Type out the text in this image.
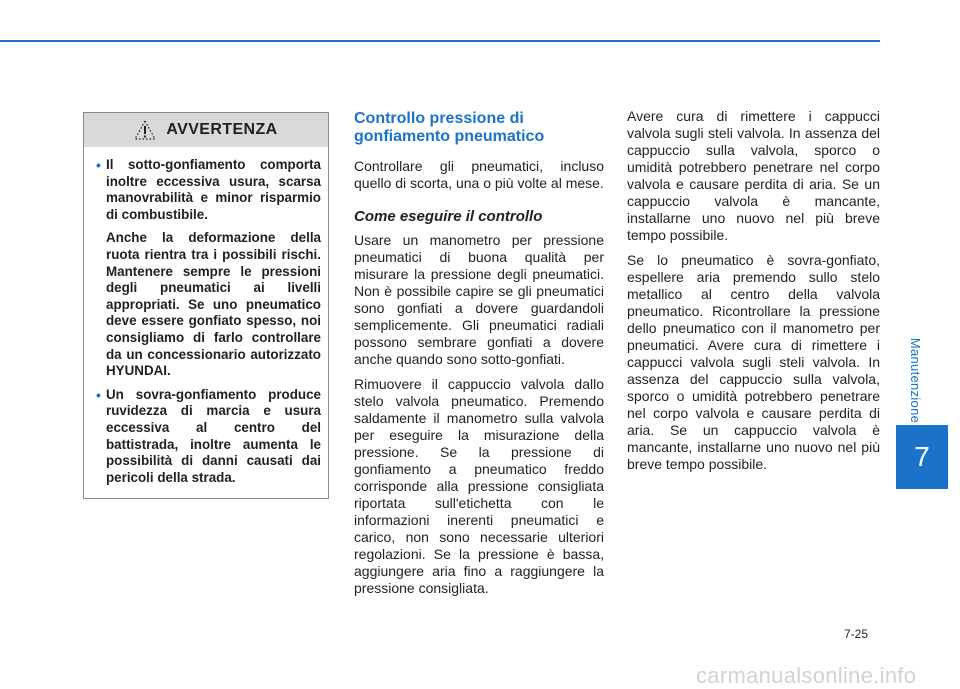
Manutenzione
7
AVVERTENZA
• Il sotto-gonfiamento comporta inoltre eccessiva usura, scarsa manovrabilità e minor risparmio di combustibile.
Anche la deformazione della ruota rientra tra i possibili rischi. Mantenere sempre le pressioni degli pneumatici ai livelli appropriati. Se uno pneumatico deve essere gonfiato spesso, noi consigliamo di farlo controllare da un concessionario autorizzato HYUNDAI.
• Un sovra-gonfiamento produce ruvidezza di marcia e usura eccessiva al centro del battistrada, inoltre aumenta le possibilità di danni causati dai pericoli della strada.
Controllo pressione di gonfiamento pneumatico

Controllare gli pneumatici, incluso quello di scorta, una o più volte al mese.

Come eseguire il controllo

Usare un manometro per pressione pneumatici di buona qualità per misurare la pressione degli pneumatici. Non è possibile capire se gli pneumatici sono gonfiati a dovere guardandoli semplicemente. Gli pneumatici radiali possono sembrare gonfiati a dovere anche quando sono sotto-gonfiati.

Rimuovere il cappuccio valvola dallo stelo valvola pneumatico. Premendo saldamente il manometro sulla valvola per eseguire la misurazione della pressione. Se la pressione di gonfiamento a pneumatico freddo corrisponde alla pressione consigliata riportata sull'etichetta con le informazioni inerenti pneumatici e carico, non sono necessarie ulteriori regolazioni. Se la pressione è bassa, aggiungere aria fino a raggiungere la pressione consigliata.

Avere cura di rimettere i cappucci valvola sugli steli valvola. In assenza del cappuccio sulla valvola, sporco o umidità potrebbero penetrare nel corpo valvola e causare perdita di aria. Se un cappuccio valvola è mancante, installarne uno nuovo nel più breve tempo possibile.

Se lo pneumatico è sovra-gonfiato, espellere aria premendo sullo stelo metallico al centro della valvola pneumatico. Ricontrollare la pressione dello pneumatico con il manometro per pneumatici. Avere cura di rimettere i cappucci valvola sugli steli valvola. In assenza del cappuccio sulla valvola, sporco o umidità potrebbero penetrare nel corpo valvola e causare perdita di aria. Se un cappuccio valvola è mancante, installarne uno nuovo nel più breve tempo possibile.

7-25
carmanualsonline.info
